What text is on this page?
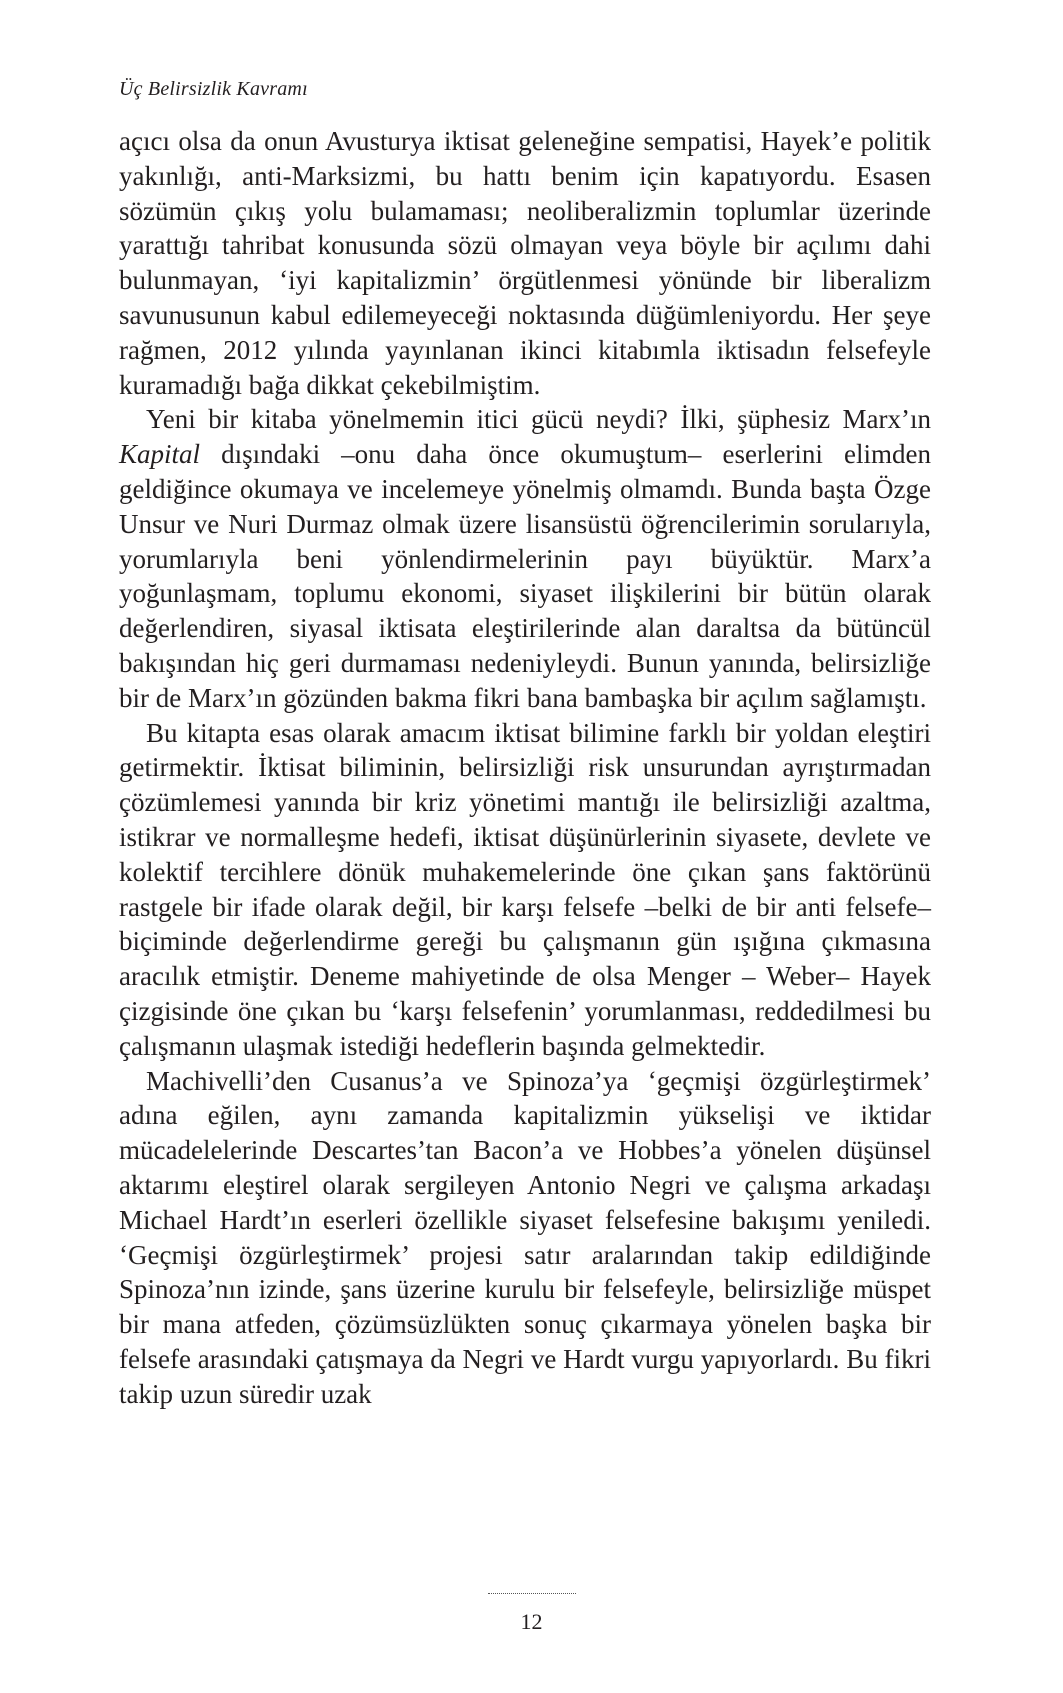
Üç Belirsizlik Kavramı

açıcı olsa da onun Avusturya iktisat geleneğine sempatisi, Hayek’e politik yakınlığı, anti-Marksizmi, bu hattı benim için kapatıyordu. Esasen sözümün çıkış yolu bulamaması; neoliberalizmin toplumlar üzerinde yarattığı tahribat konusunda sözü olmayan veya böyle bir açılımı dahi bulunmayan, ‘iyi kapitalizmin’ örgütlenmesi yönünde bir liberalizm savunusunun kabul edilemeyeceği noktasında düğümleniyordu. Her şeye rağmen, 2012 yılında yayınlanan ikinci kitabımla iktisadın felsefeyle kuramadığı bağa dikkat çekebilmiştim.

Yeni bir kitaba yönelmemin itici gücü neydi? İlki, şüphesiz Marx’ın Kapital dışındaki –onu daha önce okumuştum– eserlerini elimden geldiğince okumaya ve incelemeye yönelmiş olmamdı. Bunda başta Özge Unsur ve Nuri Durmaz olmak üzere lisansüstü öğrencilerimin sorularıyla, yorumlarıyla beni yönlendirmelerinin payı büyüktür. Marx’a yoğunlaşmam, toplumu ekonomi, siyaset ilişkilerini bir bütün olarak değerlendiren, siyasal iktisata eleştirilerinde alan daraltsa da bütüncül bakışından hiç geri durmaması nedeniyleydi. Bunun yanında, belirsizliğe bir de Marx’ın gözünden bakma fikri bana bambaşka bir açılım sağlamıştı.

Bu kitapta esas olarak amacım iktisat bilimine farklı bir yoldan eleştiri getirmektir. İktisat biliminin, belirsizliği risk unsurundan ayrıştırmadan çözümlemesi yanında bir kriz yönetimi mantığı ile belirsizliği azaltma, istikrar ve normalleşme hedefi, iktisat düşünürlerinin siyasete, devlete ve kolektif tercihlere dönük muhakemelerinde öne çıkan şans faktörünü rastgele bir ifade olarak değil, bir karşı felsefe –belki de bir anti felsefe– biçiminde değerlendirme gereği bu çalışmanın gün ışığına çıkmasına aracılık etmiştir. Deneme mahiyetinde de olsa Menger – Weber– Hayek çizgisinde öne çıkan bu ‘karşı felsefenin’ yorumlanması, reddedilmesi bu çalışmanın ulaşmak istediği hedeflerin başında gelmektedir.

Machivelli’den Cusanus’a ve Spinoza’ya ‘geçmişi özgürleştirmek’ adına eğilen, aynı zamanda kapitalizmin yükselişi ve iktidar mücadelelerinde Descartes’tan Bacon’a ve Hobbes’a yönelen düşünsel aktarımı eleştirel olarak sergileyen Antonio Negri ve çalışma arkadaşı Michael Hardt’ın eserleri özellikle siyaset felsefesine bakışımı yeniledi. ‘Geçmişi özgürleştirmek’ projesi satır aralarından takip edildiğinde Spinoza’nın izinde, şans üzerine kurulu bir felsefeyle, belirsizliğe müspet bir mana atfeden, çözümsüzlükten sonuç çıkarmaya yönelen başka bir felsefe arasındaki çatışmaya da Negri ve Hardt vurgu yapıyorlardı. Bu fikri takip uzun süredir uzak

12
